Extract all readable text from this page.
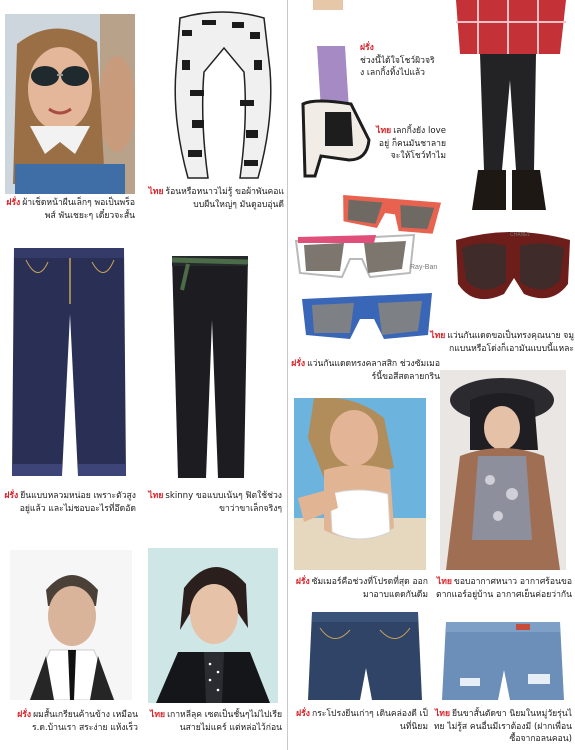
ฝรั่ง ผ้าเช็ดหน้าผืนเล็กๆ พอเป็นพร็อพส์ พันเชยะๆ เดี๋ยวจะสั้น
ไทย ร้อนหรือหนาวไม่รู้ ขอผ้าพันคอแบบผืนใหญ่ๆ มันดูอบอุ่นดี
ฝรั่ง ยีนแบบหลวมหน่อย เพราะตัวสูงอยู่แล้ว และไม่ชอบอะไรที่อึดอัด
ไทย skinny ขอแบบเน้นๆ ฟิตใช้ช่วงขาว่าขาเล็กจริงๆ
ฝรั่ง ผมสั้นเกรียนค้านข้าง เหมือน ร.ด.บ้านเรา สระง่าย แห้งเร็ว
ไทย เกาหลีลุค เซตเป็นชั้นๆไม่ไปเรียนสายไม่แคร์ แต่หล่อไว้ก่อน
ฝรั่ง
ช่วงนี้ได้ใจโชว์ผิวจริง เลกกิ้งทิ้งไปแล้ว
ไทย เลกกิ้งยัง love อยู่ ก็คนมันชาลาย จะให้โชว์ทำไม
Ray-Ban
ฝรั่ง แว่นกันแดดทรงคลาสสิก ช่วงซัมเมอร์นี้ขอสีสดลายกริน
CHANEL
ไทย แว่นกันแดดขอเป็นทรงคุณนาย จมูกแบนหรือโด่งก็เอามันแบบนี้แหละ
ฝรั่ง ซัมเมอร์คือช่วงที่โปรดที่สุด ออกมาอาบแดดกันดีม
ไทย ขอบอากาศหนาว อากาศร้อนขอตากแอร์อยู่บ้าน อากาศเย็นค่อยว่ากัน
ฝรั่ง กระโปรงยีนเก่าๆ เดินคล่องดี เป็นที่นิยม
ไทย ยีนขาสั้นตัดขา นิยมในหมู่วัยรุ่นไทย ไม่รู้ส คนอื่นมีเราต้องมี (ฝากเพื่อนซื้อจากอลนคอน)
